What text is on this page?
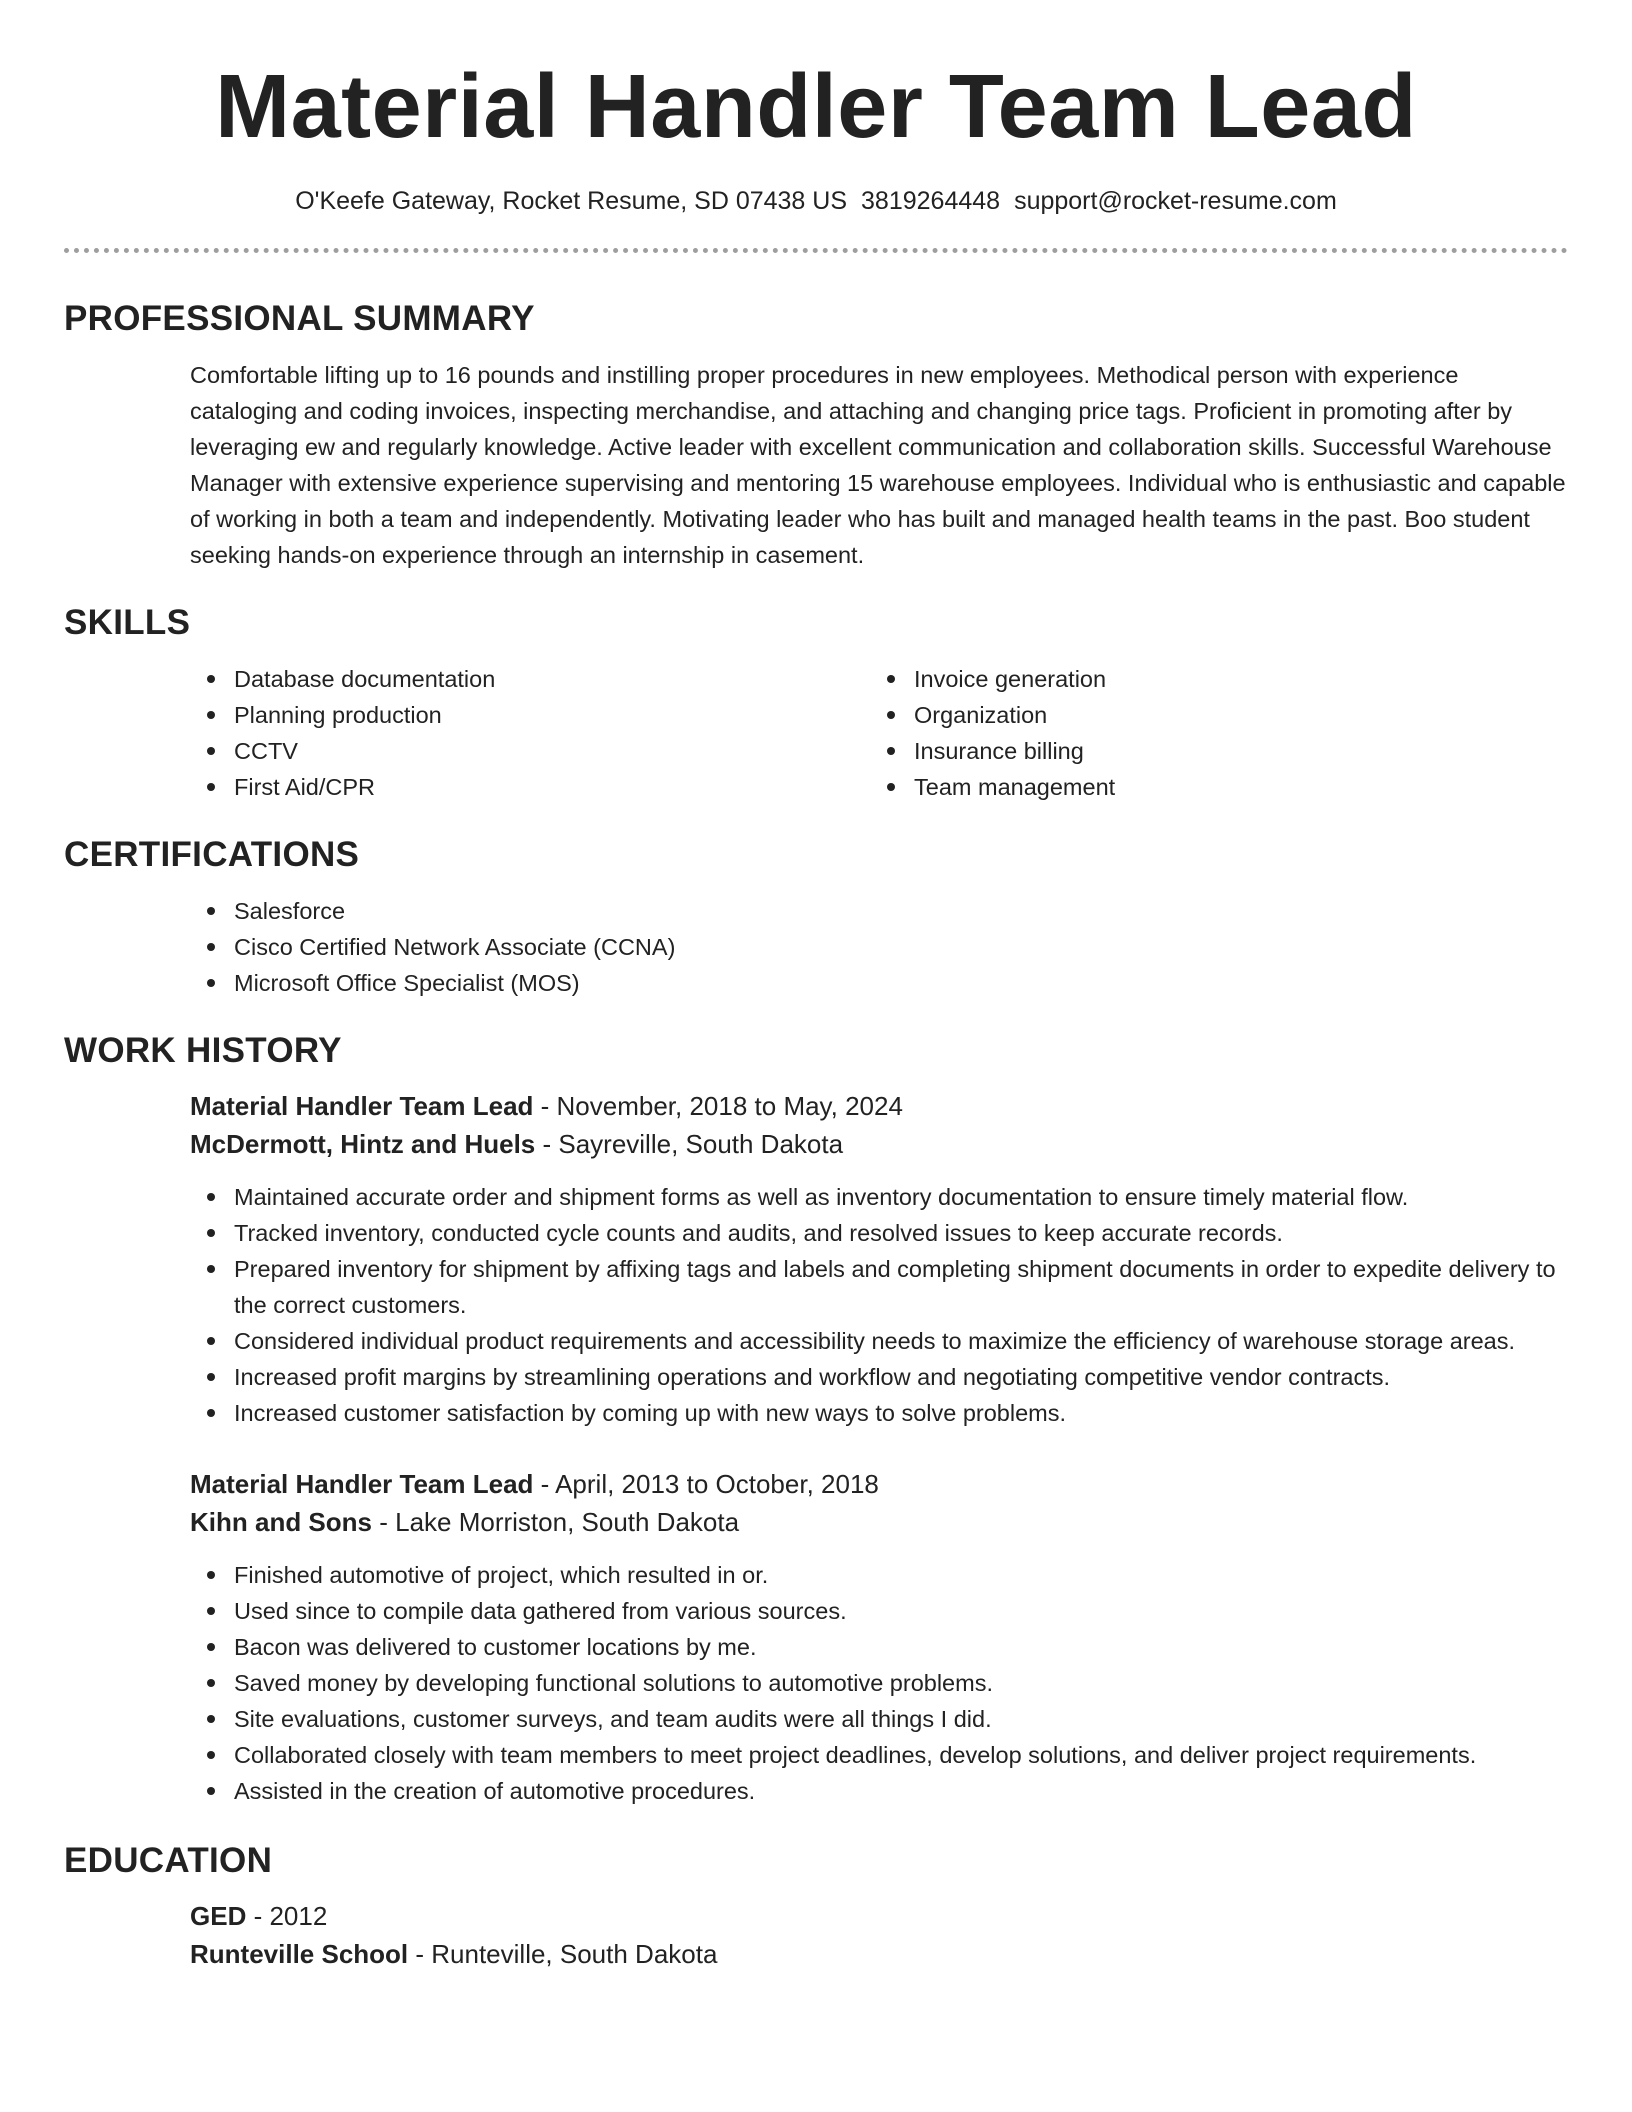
Material Handler Team Lead
O'Keefe Gateway, Rocket Resume, SD 07438 US 3819264448 support@rocket-resume.com
PROFESSIONAL SUMMARY

Comfortable lifting up to 16 pounds and instilling proper procedures in new employees. Methodical person with experience cataloging and coding invoices, inspecting merchandise, and attaching and changing price tags. Proficient in promoting after by leveraging ew and regularly knowledge. Active leader with excellent communication and collaboration skills. Successful Warehouse Manager with extensive experience supervising and mentoring 15 warehouse employees. Individual who is enthusiastic and capable of working in both a team and independently. Motivating leader who has built and managed health teams in the past. Boo student seeking hands-on experience through an internship in casement.

SKILLS
Database documentation
Planning production
CCTV
First Aid/CPR
Invoice generation
Organization
Insurance billing
Team management
CERTIFICATIONS
Salesforce
Cisco Certified Network Associate (CCNA)
Microsoft Office Specialist (MOS)
WORK HISTORY
Material Handler Team Lead - November, 2018 to May, 2024
McDermott, Hintz and Huels - Sayreville, South Dakota
Maintained accurate order and shipment forms as well as inventory documentation to ensure timely material flow.
Tracked inventory, conducted cycle counts and audits, and resolved issues to keep accurate records.
Prepared inventory for shipment by affixing tags and labels and completing shipment documents in order to expedite delivery to the correct customers.
Considered individual product requirements and accessibility needs to maximize the efficiency of warehouse storage areas.
Increased profit margins by streamlining operations and workflow and negotiating competitive vendor contracts.
Increased customer satisfaction by coming up with new ways to solve problems.
Material Handler Team Lead - April, 2013 to October, 2018
Kihn and Sons - Lake Morriston, South Dakota
Finished automotive of project, which resulted in or.
Used since to compile data gathered from various sources.
Bacon was delivered to customer locations by me.
Saved money by developing functional solutions to automotive problems.
Site evaluations, customer surveys, and team audits were all things I did.
Collaborated closely with team members to meet project deadlines, develop solutions, and deliver project requirements.
Assisted in the creation of automotive procedures.
EDUCATION
GED - 2012
Runteville School - Runteville, South Dakota
